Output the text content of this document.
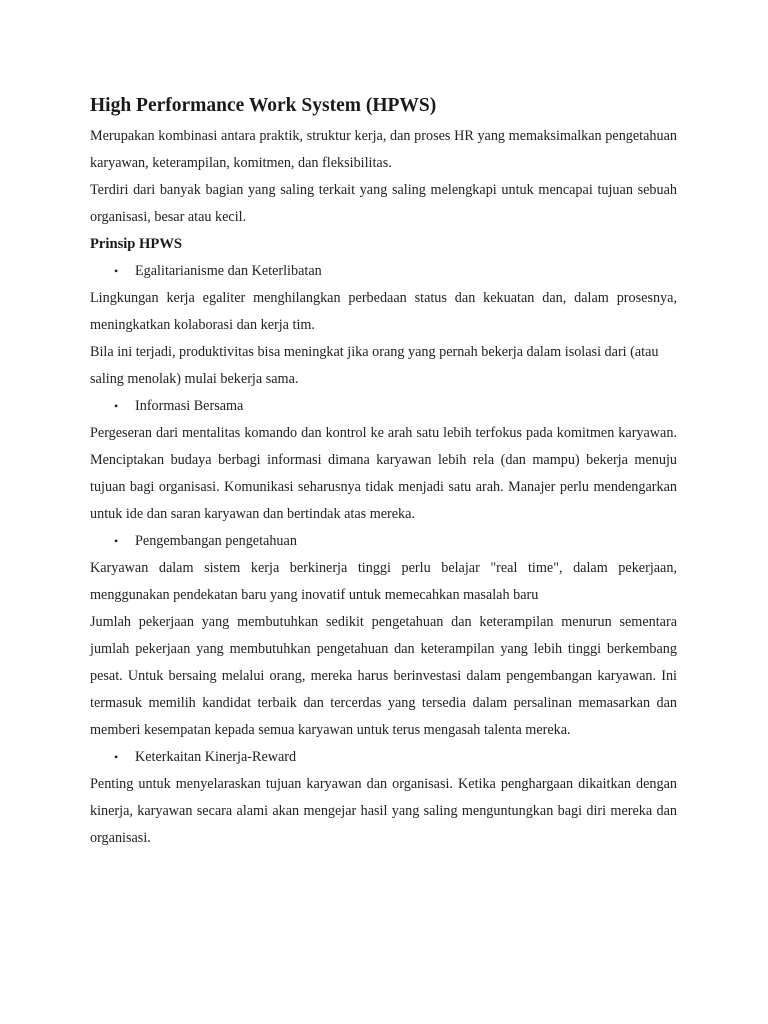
High Performance Work System (HPWS)

Merupakan kombinasi antara praktik, struktur kerja, dan proses HR yang memaksimalkan pengetahuan karyawan, keterampilan, komitmen, dan fleksibilitas.

Terdiri dari banyak bagian yang saling terkait yang saling melengkapi untuk mencapai tujuan sebuah organisasi, besar atau kecil.

Prinsip HPWS

• Egalitarianisme dan Keterlibatan

Lingkungan kerja egaliter menghilangkan perbedaan status dan kekuatan dan, dalam prosesnya, meningkatkan kolaborasi dan kerja tim.

Bila ini terjadi, produktivitas bisa meningkat jika orang yang pernah bekerja dalam isolasi dari (atau saling menolak) mulai bekerja sama.

• Informasi Bersama

Pergeseran dari mentalitas komando dan kontrol ke arah satu lebih terfokus pada komitmen karyawan. Menciptakan budaya berbagi informasi dimana karyawan lebih rela (dan mampu) bekerja menuju tujuan bagi organisasi. Komunikasi seharusnya tidak menjadi satu arah. Manajer perlu mendengarkan untuk ide dan saran karyawan dan bertindak atas mereka.

• Pengembangan pengetahuan

Karyawan dalam sistem kerja berkinerja tinggi perlu belajar "real time", dalam pekerjaan, menggunakan pendekatan baru yang inovatif untuk memecahkan masalah baru

Jumlah pekerjaan yang membutuhkan sedikit pengetahuan dan keterampilan menurun sementara jumlah pekerjaan yang membutuhkan pengetahuan dan keterampilan yang lebih tinggi berkembang pesat. Untuk bersaing melalui orang, mereka harus berinvestasi dalam pengembangan karyawan. Ini termasuk memilih kandidat terbaik dan tercerdas yang tersedia dalam persalinan memasarkan dan memberi kesempatan kepada semua karyawan untuk terus mengasah talenta mereka.

• Keterkaitan Kinerja-Reward

Penting untuk menyelaraskan tujuan karyawan dan organisasi. Ketika penghargaan dikaitkan dengan kinerja, karyawan secara alami akan mengejar hasil yang saling menguntungkan bagi diri mereka dan organisasi.
